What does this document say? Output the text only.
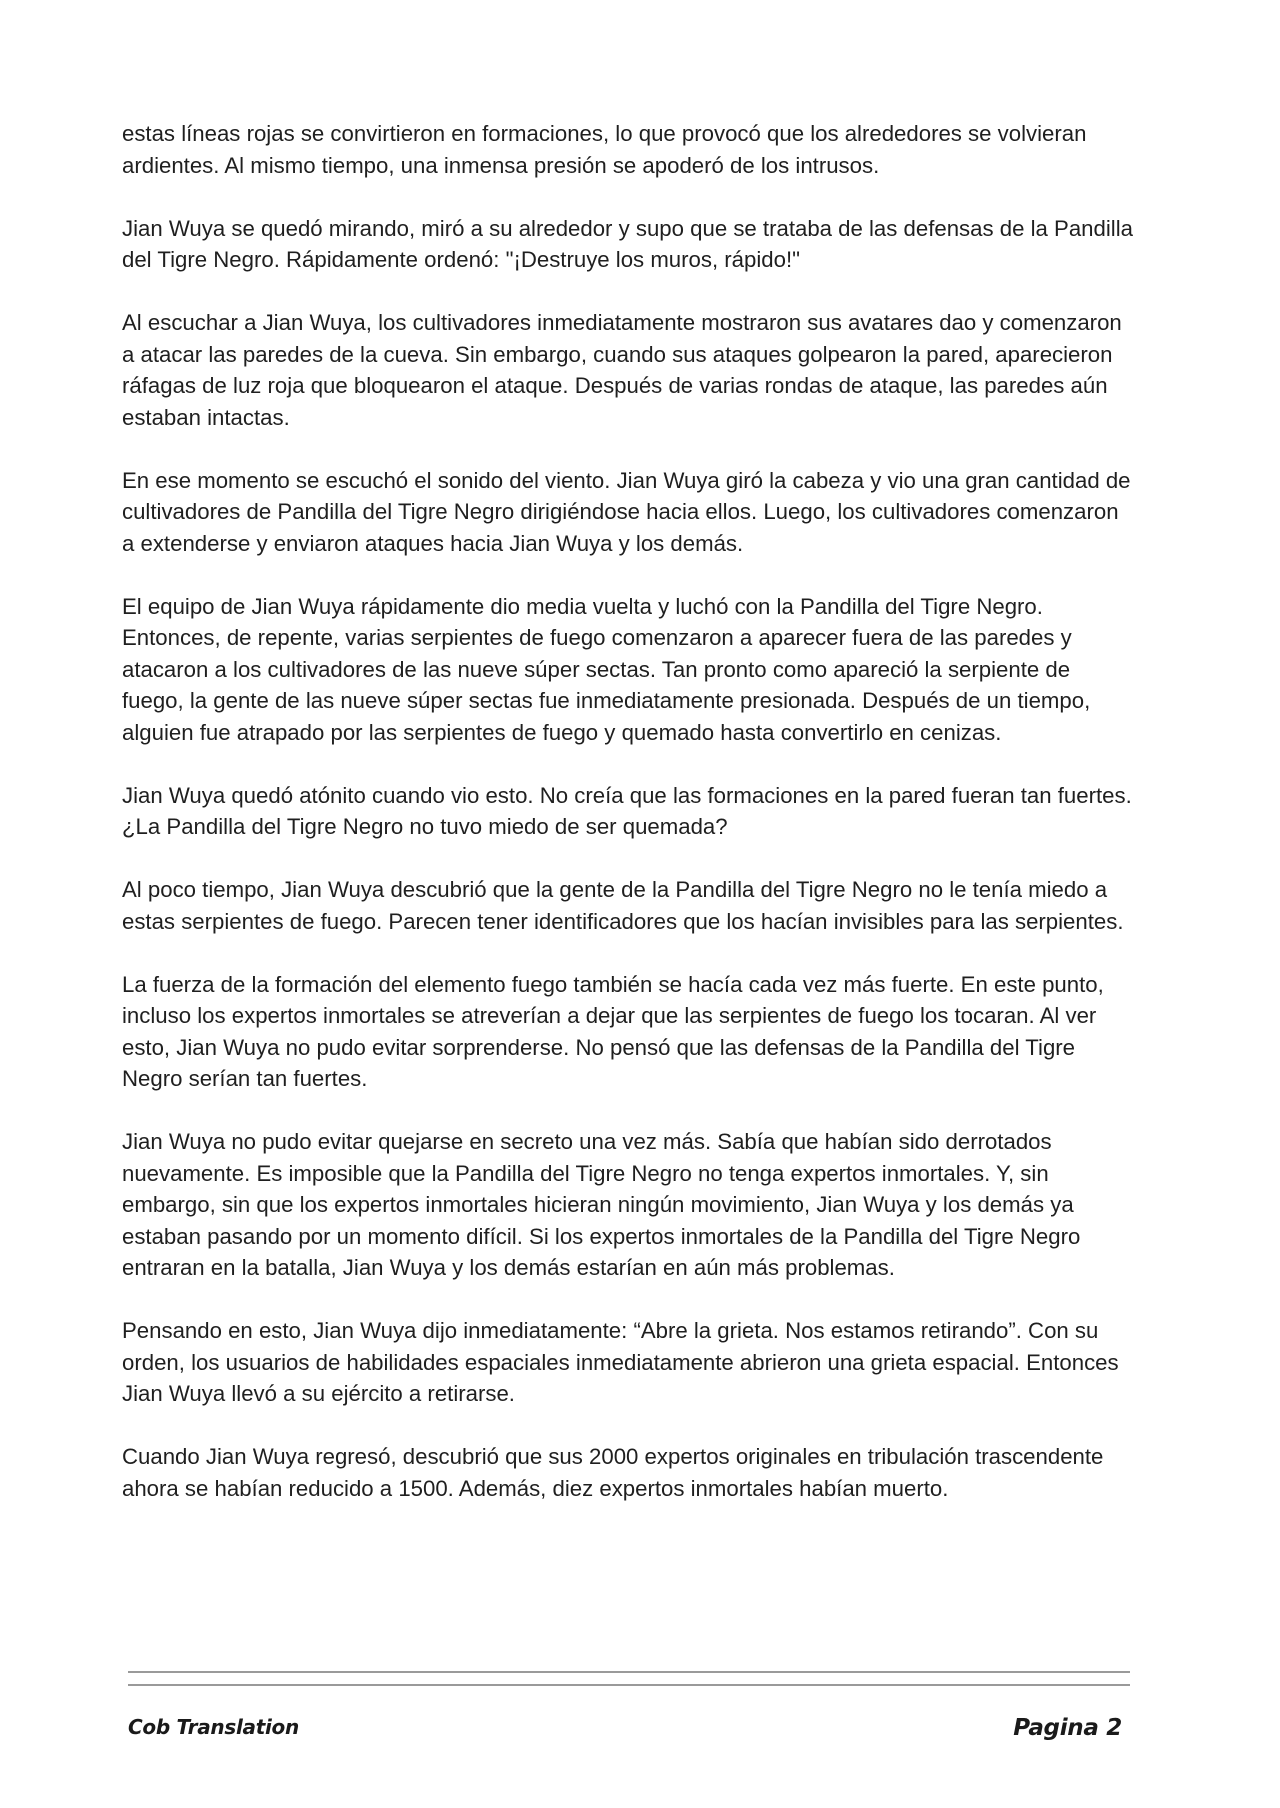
estas líneas rojas se convirtieron en formaciones, lo que provocó que los alrededores se volvieran ardientes. Al mismo tiempo, una inmensa presión se apoderó de los intrusos.

Jian Wuya se quedó mirando, miró a su alrededor y supo que se trataba de las defensas de la Pandilla del Tigre Negro. Rápidamente ordenó: "¡Destruye los muros, rápido!"

Al escuchar a Jian Wuya, los cultivadores inmediatamente mostraron sus avatares dao y comenzaron a atacar las paredes de la cueva. Sin embargo, cuando sus ataques golpearon la pared, aparecieron ráfagas de luz roja que bloquearon el ataque. Después de varias rondas de ataque, las paredes aún estaban intactas.

En ese momento se escuchó el sonido del viento. Jian Wuya giró la cabeza y vio una gran cantidad de cultivadores de Pandilla del Tigre Negro dirigiéndose hacia ellos. Luego, los cultivadores comenzaron a extenderse y enviaron ataques hacia Jian Wuya y los demás.

El equipo de Jian Wuya rápidamente dio media vuelta y luchó con la Pandilla del Tigre Negro. Entonces, de repente, varias serpientes de fuego comenzaron a aparecer fuera de las paredes y atacaron a los cultivadores de las nueve súper sectas. Tan pronto como apareció la serpiente de fuego, la gente de las nueve súper sectas fue inmediatamente presionada. Después de un tiempo, alguien fue atrapado por las serpientes de fuego y quemado hasta convertirlo en cenizas.

Jian Wuya quedó atónito cuando vio esto. No creía que las formaciones en la pared fueran tan fuertes. ¿La Pandilla del Tigre Negro no tuvo miedo de ser quemada?

Al poco tiempo, Jian Wuya descubrió que la gente de la Pandilla del Tigre Negro no le tenía miedo a estas serpientes de fuego. Parecen tener identificadores que los hacían invisibles para las serpientes.

La fuerza de la formación del elemento fuego también se hacía cada vez más fuerte. En este punto, incluso los expertos inmortales se atreverían a dejar que las serpientes de fuego los tocaran. Al ver esto, Jian Wuya no pudo evitar sorprenderse. No pensó que las defensas de la Pandilla del Tigre Negro serían tan fuertes.

Jian Wuya no pudo evitar quejarse en secreto una vez más. Sabía que habían sido derrotados nuevamente. Es imposible que la Pandilla del Tigre Negro no tenga expertos inmortales. Y, sin embargo, sin que los expertos inmortales hicieran ningún movimiento, Jian Wuya y los demás ya estaban pasando por un momento difícil. Si los expertos inmortales de la Pandilla del Tigre Negro entraran en la batalla, Jian Wuya y los demás estarían en aún más problemas.

Pensando en esto, Jian Wuya dijo inmediatamente: “Abre la grieta. Nos estamos retirando”. Con su orden, los usuarios de habilidades espaciales inmediatamente abrieron una grieta espacial. Entonces Jian Wuya llevó a su ejército a retirarse.

Cuando Jian Wuya regresó, descubrió que sus 2000 expertos originales en tribulación trascendente ahora se habían reducido a 1500. Además, diez expertos inmortales habían muerto.

Cob Translation	Pagina 2
